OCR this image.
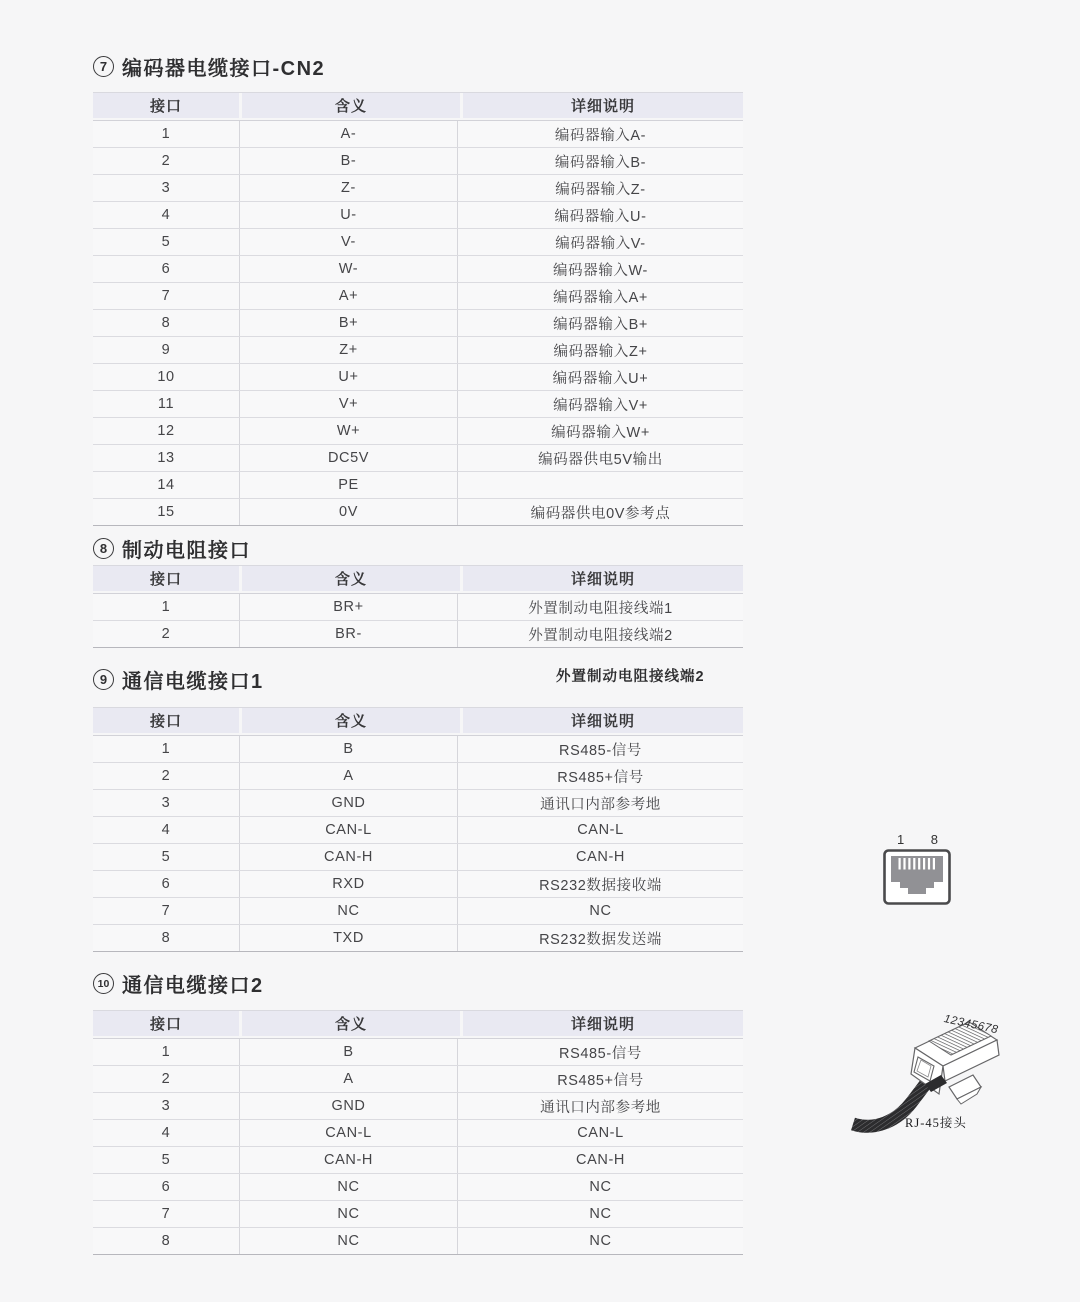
7 编码器电缆接口-CN2
接口	含义	详细说明
1	A-	编码器输入A-
2	B-	编码器输入B-
3	Z-	编码器输入Z-
4	U-	编码器输入U-
5	V-	编码器输入V-
6	W-	编码器输入W-
7	A+	编码器输入A+
8	B+	编码器输入B+
9	Z+	编码器输入Z+
10	U+	编码器输入U+
11	V+	编码器输入V+
12	W+	编码器输入W+
13	DC5V	编码器供电5V输出
14	PE
15	0V	编码器供电0V参考点
8 制动电阻接口
接口	含义	详细说明
1	BR+	外置制动电阻接线端1
2	BR-	外置制动电阻接线端2
9 通信电缆接口1	外置制动电阻接线端2
接口	含义	详细说明
1	B	RS485-信号
2	A	RS485+信号
3	GND	通讯口内部参考地
4	CAN-L	CAN-L
5	CAN-H	CAN-H
6	RXD	RS232数据接收端
7	NC	NC
8	TXD	RS232数据发送端
10 通信电缆接口2
接口	含义	详细说明
1	B	RS485-信号
2	A	RS485+信号
3	GND	通讯口内部参考地
4	CAN-L	CAN-L
5	CAN-H	CAN-H
6	NC	NC
7	NC	NC
8	NC	NC
1 8
12345678
RJ-45接头
